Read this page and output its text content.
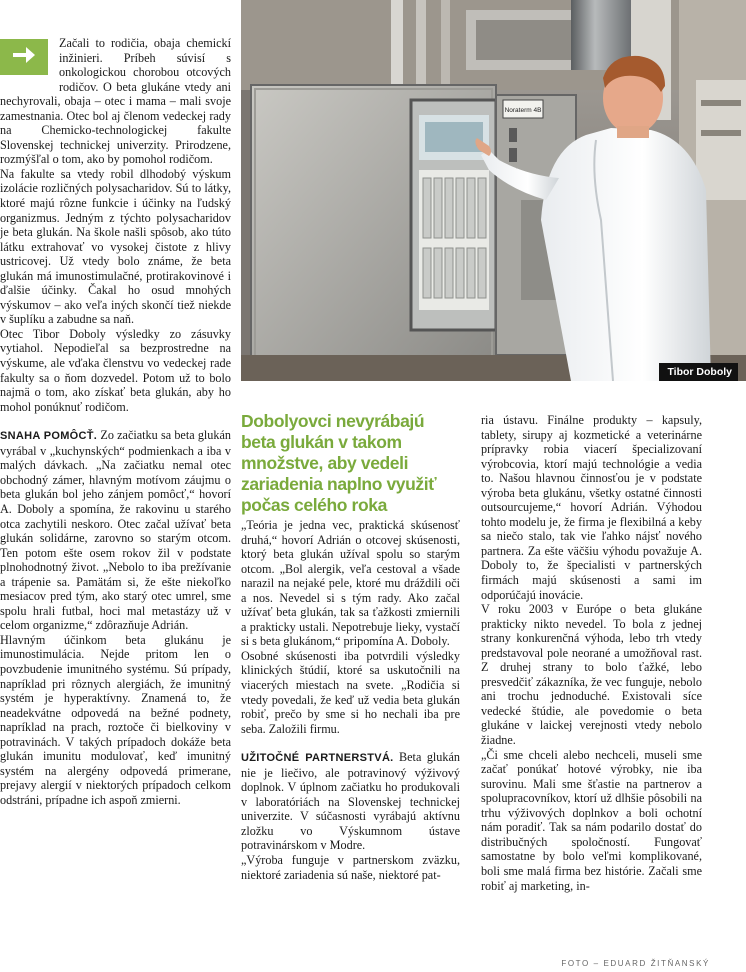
Začali to rodičia, obaja chemickí inžinieri. Príbeh súvisí s onkologickou chorobou otcových rodičov. O beta glukáne vtedy ani nechyrovali, obaja – otec i mama – mali svoje zamestnania. Otec bol aj členom vedeckej rady na Chemicko-technologickej fakulte Slovenskej technickej univerzity. Prirodzene, rozmýšľal o tom, ako by pomohol rodičom.

Na fakulte sa vtedy robil dlhodobý výskum izolácie rozličných polysacharidov. Sú to látky, ktoré majú rôzne funkcie i účinky na ľudský organizmus. Jedným z týchto polysacharidov je beta glukán. Na škole našli spôsob, ako túto látku extrahovať vo vysokej čistote z hlivy ustricovej. Už vtedy bolo známe, že beta glukán má imunostimulačné, protirakovinové i ďalšie účinky. Čakal ho osud mnohých výskumov – ako veľa iných skončí tiež niekde v šuplíku a zabudne sa naň.

Otec Tibor Doboly výsledky zo zásuvky vytiahol. Nepodieľal sa bezprostredne na výskume, ale vďaka členstvu vo vedeckej rade fakulty sa o ňom dozvedel. Potom už to bolo najmä o tom, ako získať beta glukán, aby ho mohol ponúknuť rodičom.

SNAHA POMÔCŤ. Zo začiatku sa beta glukán vyrábal v „kuchynských“ podmienkach a iba v malých dávkach. „Na začiatku nemal otec obchodný zámer, hlavným motívom záujmu o beta glukán bol jeho zánjem pomôcť,“ hovorí A. Doboly a spomína, že rakovinu u starého otca zachytili neskoro. Otec začal užívať beta glukán solidárne, zarovno so starým otcom. Ten potom ešte osem rokov žil v podstate plnohodnotný život. „Nebolo to iba prežívanie a trápenie sa. Pamätám si, že ešte niekoľko mesiacov pred tým, ako starý otec umrel, sme spolu hrali futbal, hoci mal metastázy už v celom organizme,“ zdôrazňuje Adrián.

Hlavným účinkom beta glukánu je imunostimulácia. Nejde pritom len o povzbudenie imunitného systému. Sú prípady, napríklad pri rôznych alergiách, že imunitný systém je hyperaktívny. Znamená to, že neadekvátne odpovedá na bežné podnety, napríklad na prach, roztoče či bielkoviny v potravinách. V takých prípadoch dokáže beta glukán imunitu modulovať, keď imunitný systém na alergény odpovedá primerane, prejavy alergií v niektorých prípadoch celkom odstráni, prípadne ich aspoň zmierni.

Noraterm 4B
Tibor Doboly
Dobolyovci nevyrábajú beta glukán v takom množstve, aby vedeli zariadenia naplno využiť počas celého roka

„Teória je jedna vec, praktická skúsenosť druhá,“ hovorí Adrián o otcovej skúsenosti, ktorý beta glukán užíval spolu so starým otcom. „Bol alergik, veľa cestoval a všade narazil na nejaké pele, ktoré mu dráždili oči a nos. Nevedel si s tým rady. Ako začal užívať beta glukán, tak sa ťažkosti zmiernili a prakticky ustali. Nepotrebuje lieky, vystačí si s beta glukánom,“ pripomína A. Doboly.

Osobné skúsenosti iba potvrdili výsledky klinických štúdií, ktoré sa uskutočnili na viacerých miestach na svete. „Rodičia si vtedy povedali, že keď už vedia beta glukán robiť, prečo by sme si ho nechali iba pre seba. Založili firmu.

UŽITOČNÉ PARTNERSTVÁ. Beta glukán nie je liečivo, ale potravinový výživový doplnok. V úplnom začiatku ho produkovali v laboratóriách na Slovenskej technickej univerzite. V súčasnosti vyrábajú aktívnu zložku vo Výskumnom ústave potravinárskom v Modre.

„Výroba funguje v partnerskom zväzku, niektoré zariadenia sú naše, niektoré pat-

ria ústavu. Finálne produkty – kapsuly, tablety, sirupy aj kozmetické a veterinárne prípravky robia viacerí špecializovaní výrobcovia, ktorí majú technológie a vedia to. Našou hlavnou činnosťou je v podstate výroba beta glukánu, všetky ostatné činnosti outsourcujeme,“ hovorí Adrián. Výhodou tohto modelu je, že firma je flexibilná a keby sa niečo stalo, tak vie ľahko nájsť nového partnera. Za ešte väčšiu výhodu považuje A. Doboly to, že špecialisti v partnerských firmách majú skúsenosti a sami im odporúčajú inovácie.

V roku 2003 v Európe o beta glukáne prakticky nikto nevedel. To bola z jednej strany konkurenčná výhoda, lebo trh vtedy predstavoval pole neorané a umožňoval rast. Z druhej strany to bolo ťažké, lebo presvedčiť zákazníka, že vec funguje, nebolo ani trochu jednoduché. Existovali síce vedecké štúdie, ale povedomie o beta glukáne v laickej verejnosti vtedy nebolo žiadne.

„Či sme chceli alebo nechceli, museli sme začať ponúkať hotové výrobky, nie iba surovinu. Mali sme šťastie na partnerov a spolupracovníkov, ktorí už dlhšie pôsobili na trhu výživových doplnkov a boli ochotní nám poradiť. Tak sa nám podarilo dostať do distribučných spoločností. Fungovať samostatne by bolo veľmi komplikované, boli sme malá firma bez histórie. Začali sme robiť aj marketing, in-

FOTO – EDUARD ŽITŇANSKÝ
